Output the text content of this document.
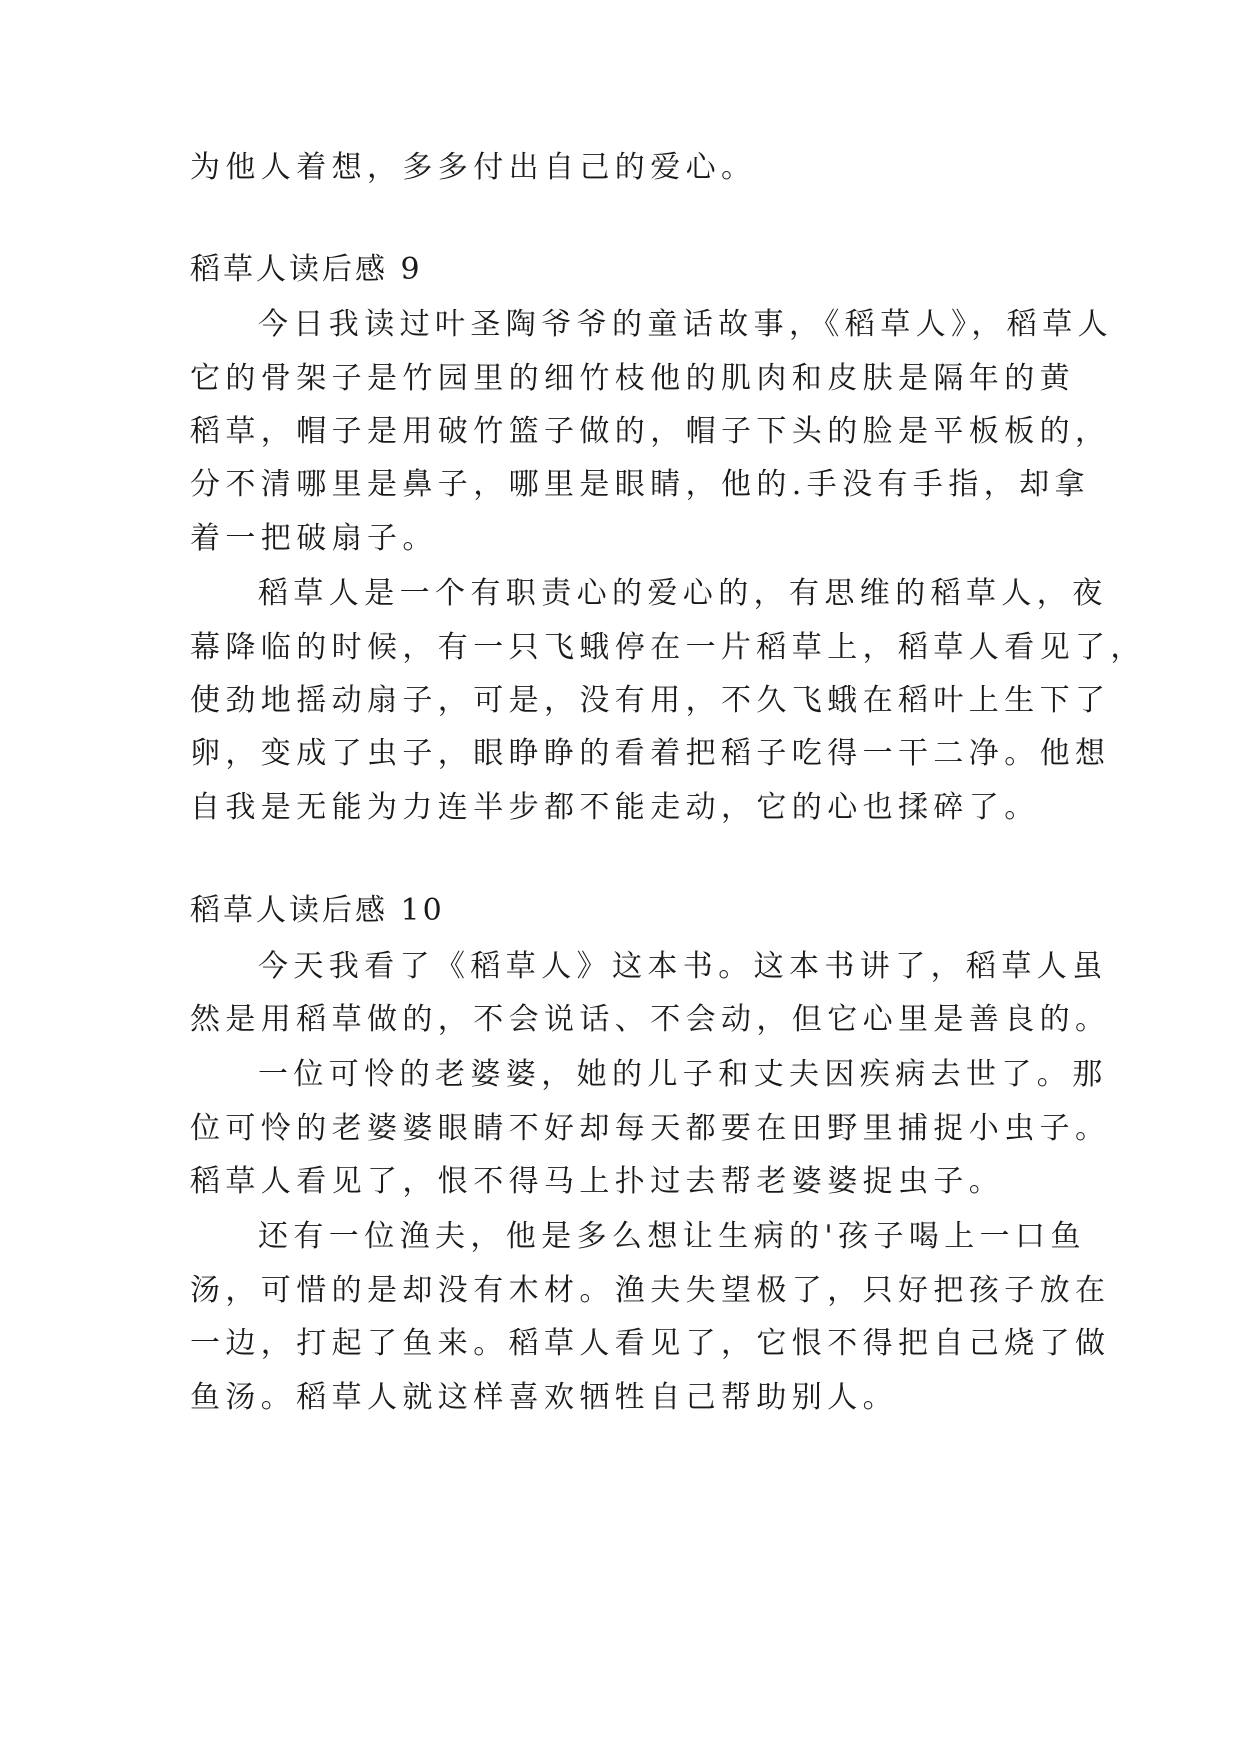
为他人着想，多多付出自己的爱心。
稻草人读后感 9
今日我读过叶圣陶爷爷的童话故事，《稻草人》，稻草人
它的骨架子是竹园里的细竹枝他的肌肉和皮肤是隔年的黄
稻草，帽子是用破竹篮子做的，帽子下头的脸是平板板的，
分不清哪里是鼻子，哪里是眼睛，他的.手没有手指，却拿
着一把破扇子。
稻草人是一个有职责心的爱心的，有思维的稻草人，夜
幕降临的时候，有一只飞蛾停在一片稻草上，稻草人看见了，
使劲地摇动扇子，可是，没有用，不久飞蛾在稻叶上生下了
卵，变成了虫子，眼睁睁的看着把稻子吃得一干二净。他想
自我是无能为力连半步都不能走动，它的心也揉碎了。
稻草人读后感 10
今天我看了《稻草人》这本书。这本书讲了，稻草人虽
然是用稻草做的，不会说话、不会动，但它心里是善良的。
一位可怜的老婆婆，她的儿子和丈夫因疾病去世了。那
位可怜的老婆婆眼睛不好却每天都要在田野里捕捉小虫子。
稻草人看见了，恨不得马上扑过去帮老婆婆捉虫子。
还有一位渔夫，他是多么想让生病的'孩子喝上一口鱼
汤，可惜的是却没有木材。渔夫失望极了，只好把孩子放在
一边，打起了鱼来。稻草人看见了，它恨不得把自己烧了做
鱼汤。稻草人就这样喜欢牺牲自己帮助别人。
